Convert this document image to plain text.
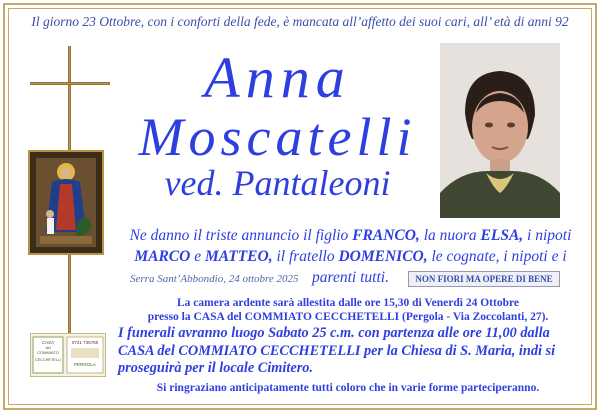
Il giorno 23 Ottobre, con i conforti della fede, è mancata all’affetto dei suoi cari, all’ età di anni 92
Anna
Moscatelli
ved. Pantaleoni
Ne danno il triste annuncio il figlio FRANCO, la nuora ELSA, i nipoti MARCO e MATTEO, il fratello DOMENICO, le cognate, i nipoti e i parenti tutti.
Serra Sant’Abbondio, 24 ottobre 2025	NON FIORI MA OPERE DI BENE
La camera ardente sarà allestita dalle ore 15,30 di Venerdì 24 Ottobre
presso la CASA del COMMIATO CECCHETELLI (Pergola - Via Zoccolanti, 27).
I funerali avranno luogo Sabato 25 c.m. con partenza alle ore 11,00 dalla CASA del COMMIATO CECCHETELLI per la Chiesa di S. Maria, indi si proseguirà per il locale Cimitero.
Si ringraziano anticipatamente tutti coloro che in varie forme parteciperanno.
CASA
del
COMMIATO
CECCHETELLI
0721 735755
PERGOLA
